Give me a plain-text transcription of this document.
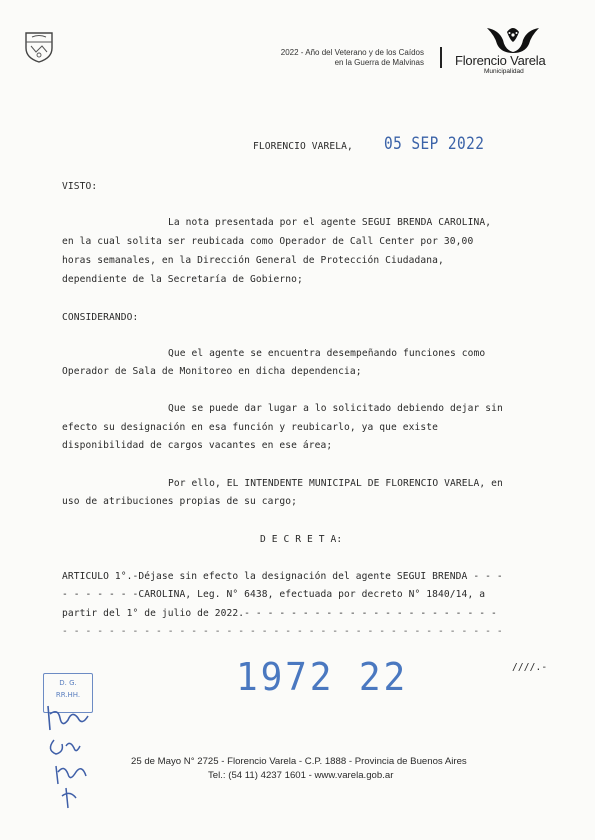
2022 - Año del Veterano y de los Caídos
en la Guerra de Malvinas Florencio Varela
Municipalidad
FLORENCIO VARELA, 05 SEP 2022
VISTO:
La nota presentada por el agente SEGUI BRENDA CAROLINA,
en la cual solita ser reubicada como Operador de Call Center por 30,00
horas semanales, en la Dirección General de Protección Ciudadana,
dependiente de la Secretaría de Gobierno;
CONSIDERANDO:
Que el agente se encuentra desempeñando funciones como
Operador de Sala de Monitoreo en dicha dependencia;
Que se puede dar lugar a lo solicitado debiendo dejar sin
efecto su designación en esa función y reubicarlo, ya que existe
disponibilidad de cargos vacantes en ese área;
Por ello, EL INTENDENTE MUNICIPAL DE FLORENCIO VARELA, en
uso de atribuciones propias de su cargo;
D E C R E T A:
ARTICULO 1°.-Déjase sin efecto la designación del agente SEGUI BRENDA - - -
- - - - - - -CAROLINA, Leg. N° 6438, efectuada por decreto N° 1840/14, a
partir del 1° de julio de 2022.- - - - - - - - - - - - - - - - - - - - - -
- - - - - - - - - - - - - - - - - - - - - - - - - - - - - - - - - - - - - -
1972 22	////.-
D. G.
RR.HH.
25 de Mayo N° 2725 - Florencio Varela - C.P. 1888 - Provincia de Buenos Aires
Tel.: (54 11) 4237 1601 - www.varela.gob.ar
